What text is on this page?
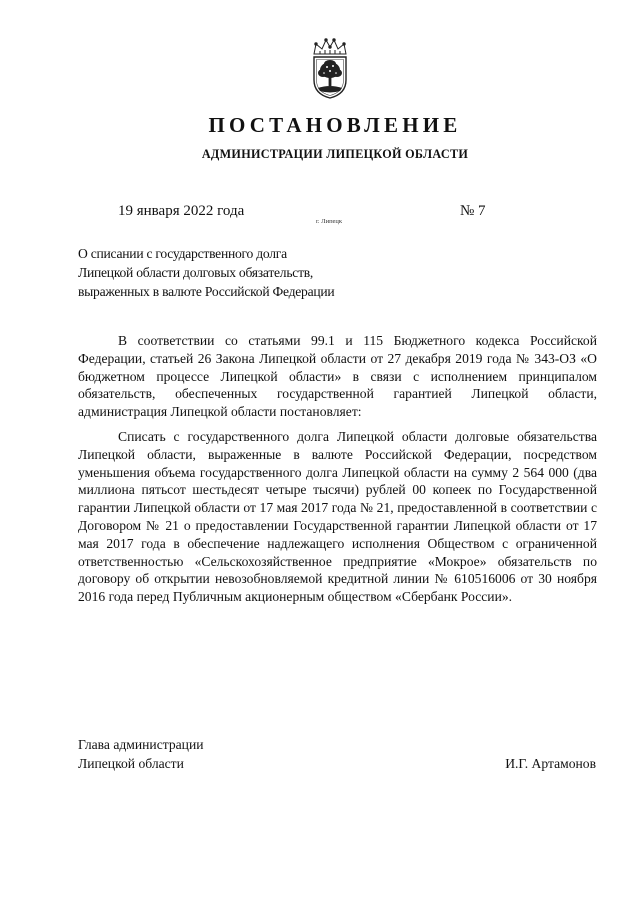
ПОСТАНОВЛЕНИЕ
АДМИНИСТРАЦИИ ЛИПЕЦКОЙ ОБЛАСТИ
19 января 2022 года
г. Липецк
№ 7
О списании с государственного долга
Липецкой области долговых обязательств,
выраженных в валюте Российской Федерации

В соответствии со статьями 99.1 и 115 Бюджетного кодекса Российской Федерации, статьей 26 Закона Липецкой области от 27 декабря 2019 года № 343-ОЗ «О бюджетном процессе Липецкой области» в связи с исполнением принципалом обязательств, обеспеченных государственной гарантией Липецкой области, администрация Липецкой области постановляет:

Списать с государственного долга Липецкой области долговые обязательства Липецкой области, выраженные в валюте Российской Федерации, посредством уменьшения объема государственного долга Липецкой области на сумму 2 564 000 (два миллиона пятьсот шестьдесят четыре тысячи) рублей 00 копеек по Государственной гарантии Липецкой области от 17 мая 2017 года № 21, предоставленной в соответствии с Договором № 21 о предоставлении Государственной гарантии Липецкой области от 17 мая 2017 года в обеспечение надлежащего исполнения Обществом с ограниченной ответственностью «Сельскохозяйственное предприятие «Мокрое» обязательств по договору об открытии невозобновляемой кредитной линии № 610516006 от 30 ноября 2016 года перед Публичным акционерным обществом «Сбербанк России».

Глава администрации
Липецкой области	И.Г. Артамонов
